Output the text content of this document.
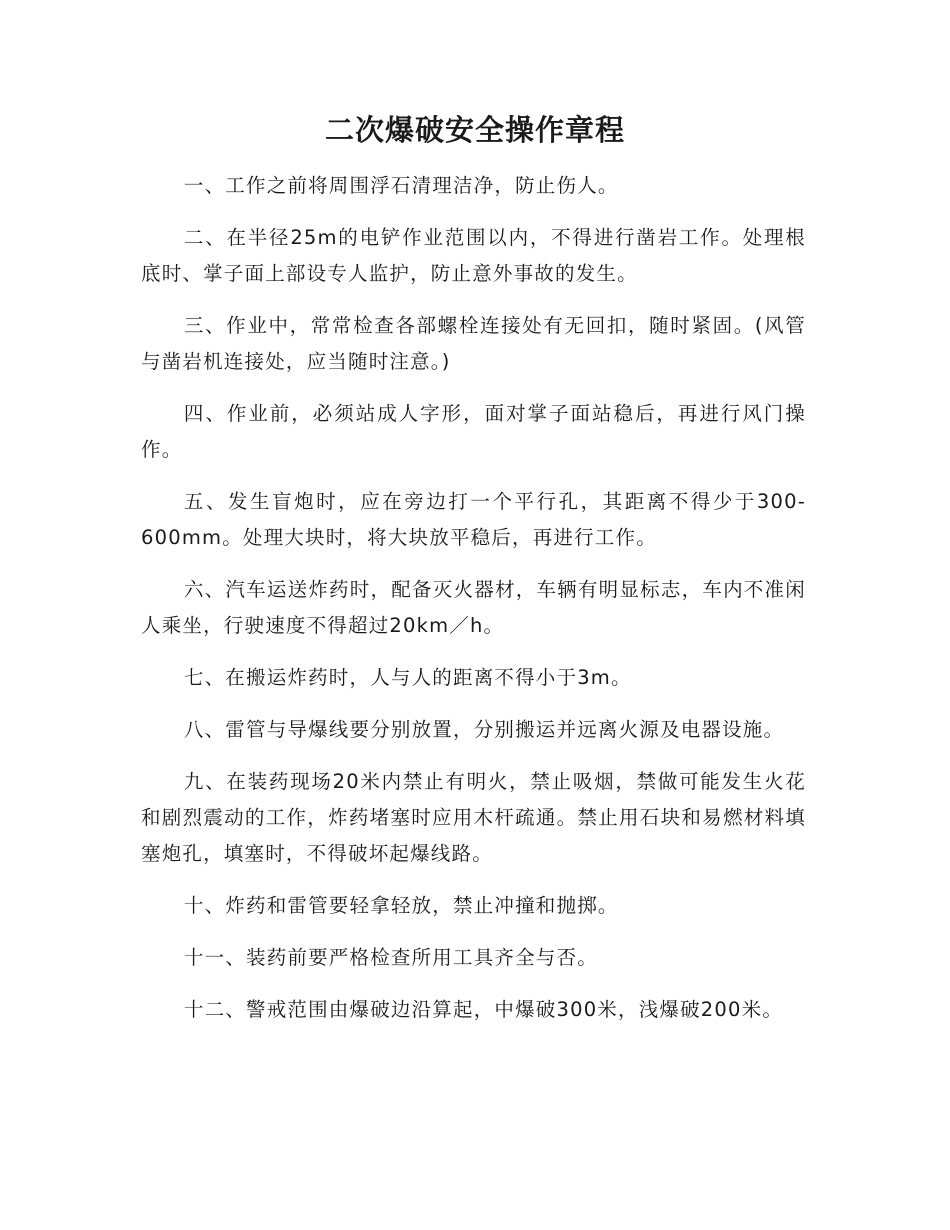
二次爆破安全操作章程

一、工作之前将周围浮石清理洁净，防止伤人。

二、在半径25m的电铲作业范围以内，不得进行凿岩工作。处理根底时、掌子面上部设专人监护，防止意外事故的发生。

三、作业中，常常检查各部螺栓连接处有无回扣，随时紧固。(风管与凿岩机连接处，应当随时注意。)

四、作业前，必须站成人字形，面对掌子面站稳后，再进行风门操作。

五、发生盲炮时，应在旁边打一个平行孔，其距离不得少于300-600mm。处理大块时，将大块放平稳后，再进行工作。

六、汽车运送炸药时，配备灭火器材，车辆有明显标志，车内不准闲人乘坐，行驶速度不得超过20km／h。

七、在搬运炸药时，人与人的距离不得小于3m。

八、雷管与导爆线要分别放置，分别搬运并远离火源及电器设施。

九、在装药现场20米内禁止有明火，禁止吸烟，禁做可能发生火花和剧烈震动的工作，炸药堵塞时应用木杆疏通。禁止用石块和易燃材料填塞炮孔，填塞时，不得破坏起爆线路。

十、炸药和雷管要轻拿轻放，禁止冲撞和抛掷。

十一、装药前要严格检查所用工具齐全与否。

十二、警戒范围由爆破边沿算起，中爆破300米，浅爆破200米。
